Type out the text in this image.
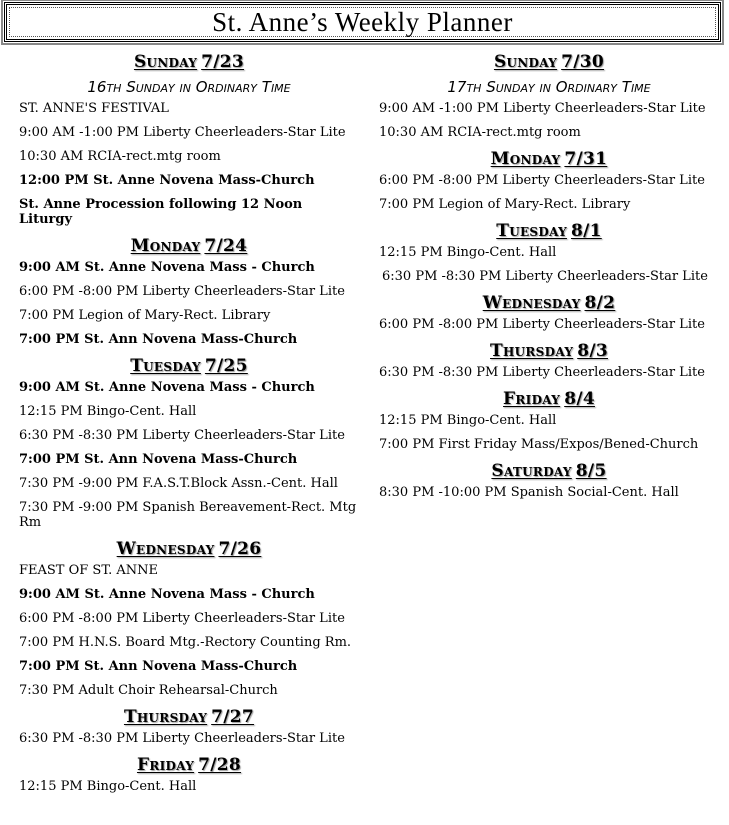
St. Anne’s Weekly Planner
Sunday 7/23
16th Sunday in Ordinary Time
ST. ANNE'S FESTIVAL
9:00 AM -1:00 PM Liberty Cheerleaders-Star Lite
10:30 AM RCIA-rect.mtg room
12:00 PM St. Anne Novena Mass-Church
St. Anne Procession following 12 Noon Liturgy
Monday 7/24
9:00 AM St. Anne Novena Mass - Church
6:00 PM -8:00 PM Liberty Cheerleaders-Star Lite
7:00 PM Legion of Mary-Rect. Library
7:00 PM St. Ann Novena Mass-Church
Tuesday 7/25
9:00 AM St. Anne Novena Mass - Church
12:15 PM Bingo-Cent. Hall
6:30 PM -8:30 PM Liberty Cheerleaders-Star Lite
7:00 PM St. Ann Novena Mass-Church
7:30 PM -9:00 PM F.A.S.T.Block Assn.-Cent. Hall
7:30 PM -9:00 PM Spanish Bereavement-Rect. Mtg Rm
Wednesday 7/26
FEAST OF ST. ANNE
9:00 AM St. Anne Novena Mass - Church
6:00 PM -8:00 PM Liberty Cheerleaders-Star Lite
7:00 PM H.N.S. Board Mtg.-Rectory Counting Rm.
7:00 PM St. Ann Novena Mass-Church
7:30 PM Adult Choir Rehearsal-Church
Thursday 7/27
6:30 PM -8:30 PM Liberty Cheerleaders-Star Lite
Friday 7/28
12:15 PM Bingo-Cent. Hall
Sunday 7/30
17th Sunday in Ordinary Time
9:00 AM -1:00 PM Liberty Cheerleaders-Star Lite
10:30 AM RCIA-rect.mtg room
Monday 7/31
6:00 PM -8:00 PM Liberty Cheerleaders-Star Lite
7:00 PM Legion of Mary-Rect. Library
Tuesday 8/1
12:15 PM Bingo-Cent. Hall
6:30 PM -8:30 PM Liberty Cheerleaders-Star Lite
Wednesday 8/2
6:00 PM -8:00 PM Liberty Cheerleaders-Star Lite
Thursday 8/3
6:30 PM -8:30 PM Liberty Cheerleaders-Star Lite
Friday 8/4
12:15 PM Bingo-Cent. Hall
7:00 PM First Friday Mass/Expos/Bened-Church
Saturday 8/5
8:30 PM -10:00 PM Spanish Social-Cent. Hall
